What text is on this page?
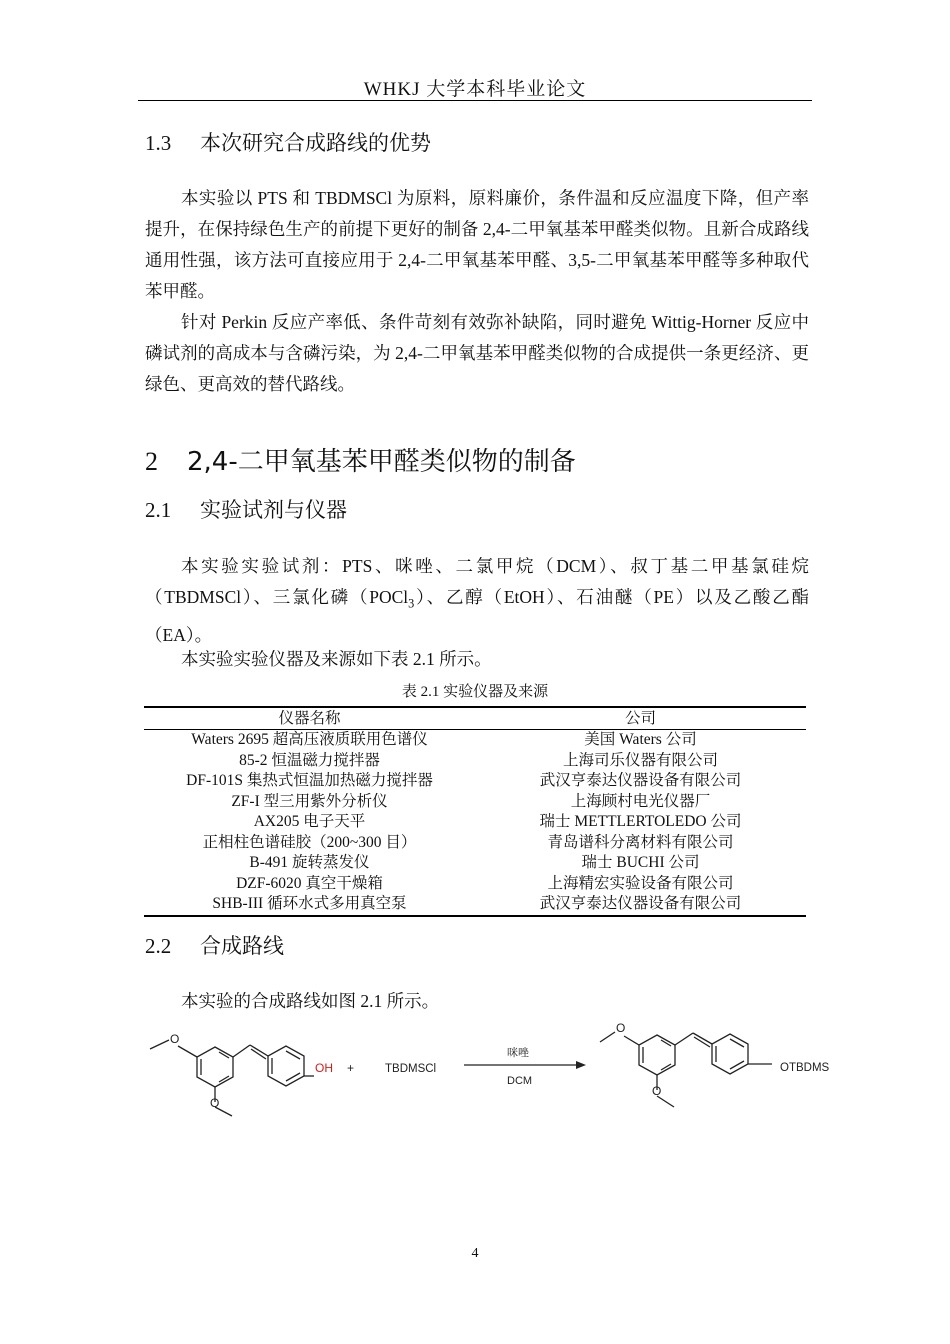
WHKJ 大学本科毕业论文
1.3 本次研究合成路线的优势

本实验以 PTS 和 TBDMSCl 为原料，原料廉价，条件温和反应温度下降，但产率提升，在保持绿色生产的前提下更好的制备 2,4-二甲氧基苯甲醛类似物。且新合成路线通用性强，该方法可直接应用于 2,4-二甲氧基苯甲醛、3,5-二甲氧基苯甲醛等多种取代苯甲醛。

针对 Perkin 反应产率低、条件苛刻有效弥补缺陷，同时避免 Wittig-Horner 反应中磷试剂的高成本与含磷污染，为 2,4-二甲氧基苯甲醛类似物的合成提供一条更经济、更绿色、更高效的替代路线。

2 2,4-二甲氧基苯甲醛类似物的制备
2.1 实验试剂与仪器

本实验实验试剂：PTS、咪唑、二氯甲烷（DCM）、叔丁基二甲基氯硅烷（TBDMSCl）、三氯化磷（POCl$_3$）、乙醇（EtOH）、石油醚（PE）以及乙酸乙酯（EA）。

本实验实验仪器及来源如下表 2.1 所示。

表 2.1 实验仪器及来源
仪器名称	公司
Waters 2695 超高压液质联用色谱仪	美国 Waters 公司
85-2 恒温磁力搅拌器	上海司乐仪器有限公司
DF-101S 集热式恒温加热磁力搅拌器	武汉亨泰达仪器设备有限公司
ZF-I 型三用紫外分析仪	上海顾村电光仪器厂
AX205 电子天平	瑞士 METTLERTOLEDO 公司
正相柱色谱硅胶（200~300 目）	青岛谱科分离材料有限公司
B-491 旋转蒸发仪	瑞士 BUCHI 公司
DZF-6020 真空干燥箱	上海精宏实验设备有限公司
SHB-III 循环水式多用真空泵	武汉亨泰达仪器设备有限公司
2.2 合成路线

本实验的合成路线如图 2.1 所示。

O
O
OH +	TBDMSCl
咪唑
DCM
O
O
OTBDMS
4
